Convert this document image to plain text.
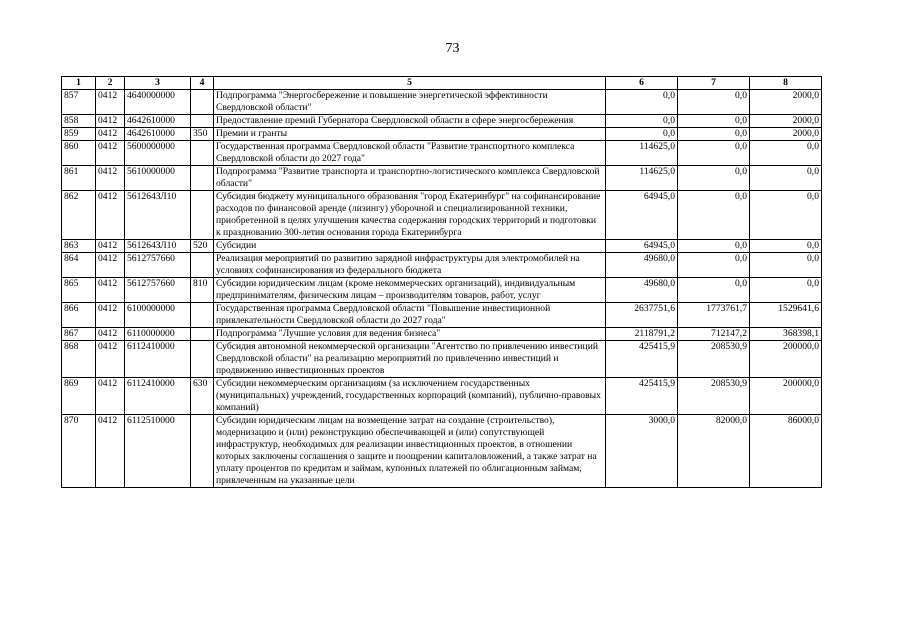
73
1	2	3	4	5	6	7	8
857	0412	4640000000		Подпрограмма "Энергосбережение и повышение энергетической эффективности Свердловской области"	0,0	0,0	2000,0
858	0412	4642610000		Предоставление премий Губернатора Свердловской области в сфере энергосбережения	0,0	0,0	2000,0
859	0412	4642610000	350	Премии и гранты	0,0	0,0	2000,0
860	0412	5600000000		Государственная программа Свердловской области "Развитие транспортного комплекса Свердловской области до 2027 года"	114625,0	0,0	0,0
861	0412	5610000000		Подпрограмма "Развитие транспорта и транспортно-логистического комплекса Свердловской области"	114625,0	0,0	0,0
862	0412	561264ЗЛ10		Субсидия бюджету муниципального образования "город Екатеринбург" на софинансирование расходов по финансовой аренде (лизингу) уборочной и специализированной техники, приобретенной в целях улучшения качества содержания городских территорий и подготовки к празднованию 300-летия основания города Екатеринбурга	64945,0	0,0	0,0
863	0412	561264ЗЛ10	520	Субсидии	64945,0	0,0	0,0
864	0412	5612757660		Реализация мероприятий по развитию зарядной инфраструктуры для электромобилей на условиях софинансирования из федерального бюджета	49680,0	0,0	0,0
865	0412	5612757660	810	Субсидии юридическим лицам (кроме некоммерческих организаций), индивидуальным предпринимателям, физическим лицам – производителям товаров, работ, услуг	49680,0	0,0	0,0
866	0412	6100000000		Государственная программа Свердловской области "Повышение инвестиционной привлекательности Свердловской области до 2027 года"	2637751,6	1773761,7	1529641,6
867	0412	6110000000		Подпрограмма "Лучшие условия для ведения бизнеса"	2118791,2	712147,2	368398,1
868	0412	6112410000		Субсидия автономной некоммерческой организации "Агентство по привлечению инвестиций Свердловской области" на реализацию мероприятий по привлечению инвестиций и продвижению инвестиционных проектов	425415,9	208530,9	200000,0
869	0412	6112410000	630	Субсидии некоммерческим организациям (за исключением государственных (муниципальных) учреждений, государственных корпораций (компаний), публично-правовых компаний)	425415,9	208530,9	200000,0
870	0412	6112510000		Субсидии юридическим лицам на возмещение затрат на создание (строительство), модернизацию и (или) реконструкцию обеспечивающей и (или) сопутствующей инфраструктур, необходимых для реализации инвестиционных проектов, в отношении которых заключены соглашения о защите и поощрении капиталовложений, а также затрат на уплату процентов по кредитам и займам, купонных платежей по облигационным займам, привлеченным на указанные цели	3000,0	82000,0	86000,0
